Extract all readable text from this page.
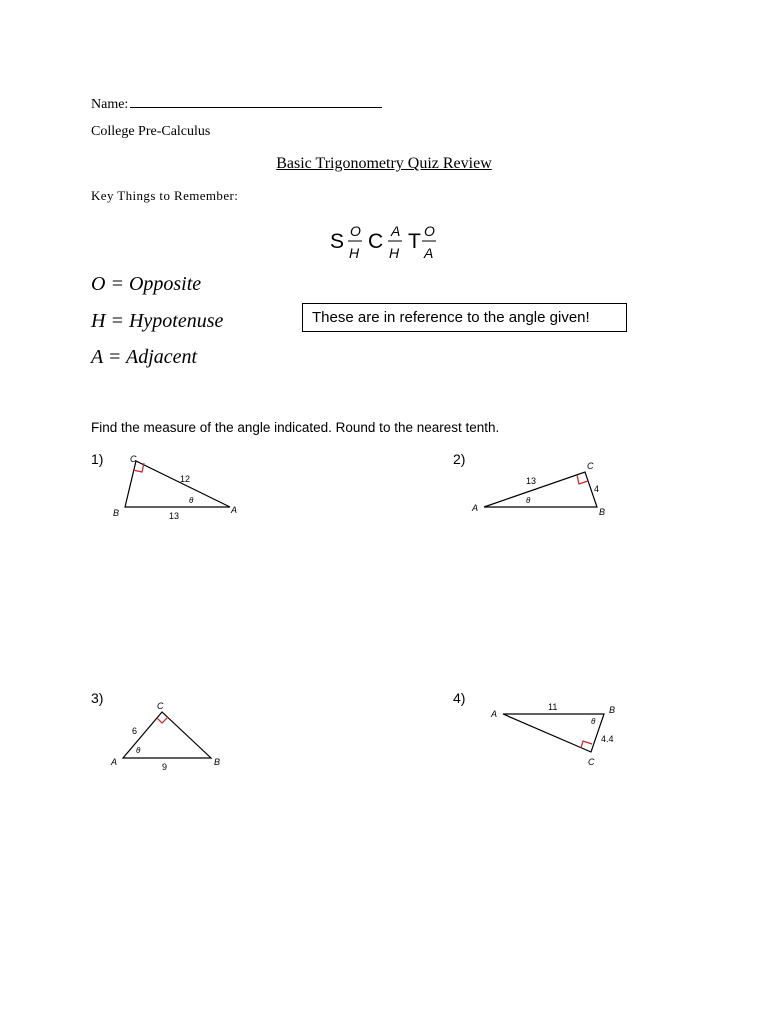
Name:
College Pre-Calculus
Basic Trigonometry Quiz Review
Key Things to Remember:
S O
H C A
H T O
A
O = Opposite
H = Hypotenuse
A = Adjacent
These are in reference to the angle given!
Find the measure of the angle indicated. Round to the nearest tenth.
1)	2)
3)	4)
C
B	A
12
13
θ
C
A	B
13
4
θ
C
A	B
6
9
θ
A	B
C
11
4.4
θ
